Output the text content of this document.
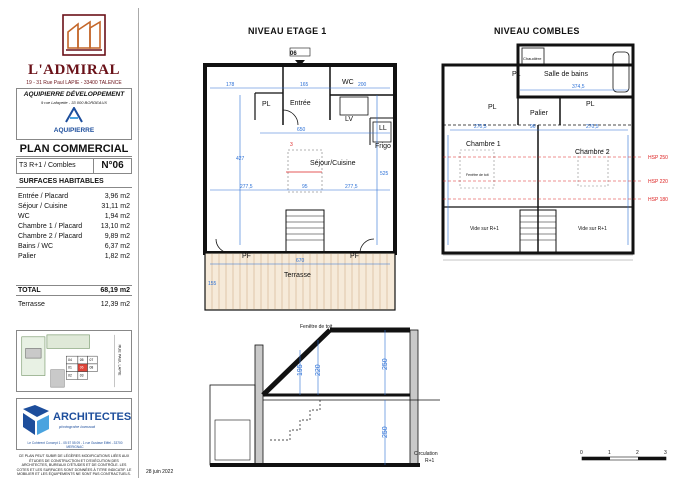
L'ADMIRAL
19 - 31 Rue Paul LAPIE - 33400 TALENCE
AQUIPIERRE DÉVELOPPEMENT
9 rue Lafayette - 33 000 BORDEAUX
AQUIPIERRE
PLAN COMMERCIAL
T3 R+1 / Combles	N°06
SURFACES HABITABLES
Entrée / Placard	3,96 m2
Séjour / Cuisine	31,11 m2
WC	1,94 m2
Chambre 1 / Placard	13,10 m2
Chambre 2 / Placard	9,89 m2
Bains / WC	6,37 m2
Palier	1,82 m2
TOTAL	68,19 m2
Terrasse	12,39 m2
04 05 07
01 06 08
02 03
RUE PAUL LAPIE
ARCHITECTES
photograhe burnaud
Le Cohérent Concept 1 - 05 57 55 09 - 1 rue Gustave Eiffel - 33700 MERIGNAC
CE PLAN PEUT SUBIR DE LÉGÈRES MODIFICATIONS LIÉES AUX ÉTUDES DE CONSTRUCTION ET D'EXÉCUTION DES ARCHITECTES, BUREAUX D'ÉTUDES ET DE CONTRÔLE. LES COTES ET LES SURFACES SONT DONNÉES À TITRE INDICATIF. LE MOBILIER ET LES ÉQUIPEMENTS NE SONT PAS CONTRACTUELS.
NIVEAU ETAGE 1	NIVEAU COMBLES
06
Entrée
WC
Séjour/Cuisine
Terrasse
PL
LV
LL
Frigo
PF	PF
178	165	200
650
427
525
277,5	95	277,5
670
155
3
Salle de bains
Chaudière
Palier
Chambre 1
Chambre 2
Vide sur R+1	Vide sur R+1
PL
PL	PL
Fenêtre de toit
374,5
270,5	96	270,5
HSP 250
HSP 220
HSP 180
Fenêtre de toit
Circulation
R+1
195 220
250
250
0	1	2	3
28 juin 2022
